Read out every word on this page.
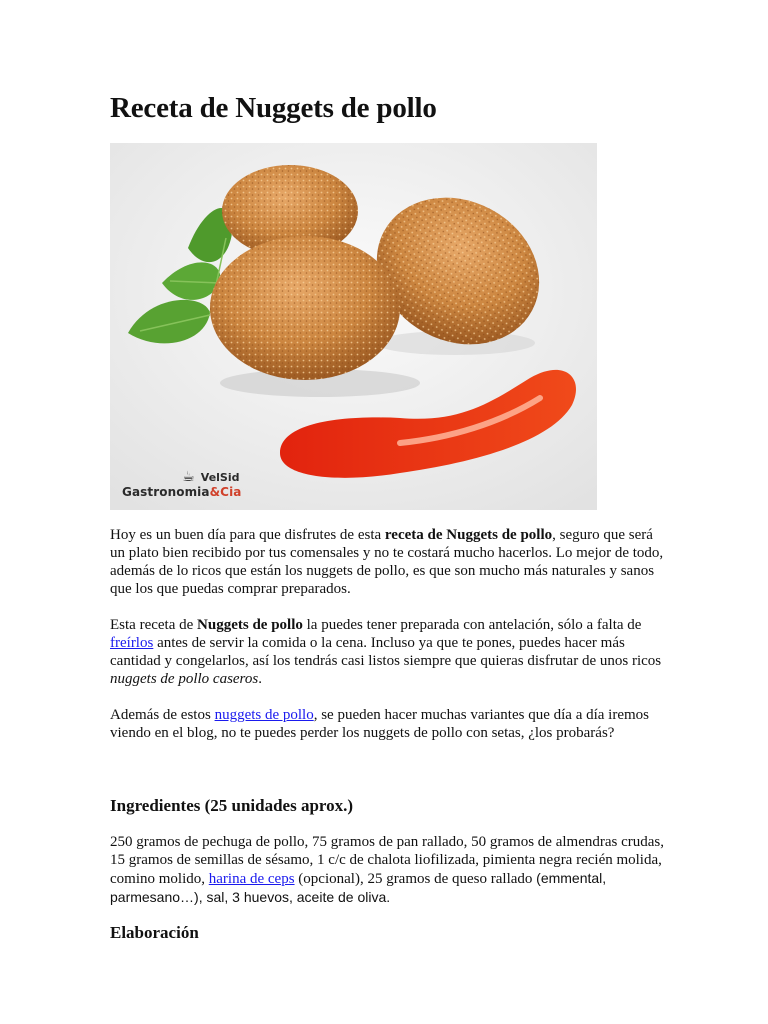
Receta de Nuggets de pollo
☕ VelSid
Gastronomia&Cia

Hoy es un buen día para que disfrutes de esta receta de Nuggets de pollo, seguro que será un plato bien recibido por tus comensales y no te costará mucho hacerlos. Lo mejor de todo, además de lo ricos que están los nuggets de pollo, es que son mucho más naturales y sanos que los que puedas comprar preparados.

Esta receta de Nuggets de pollo la puedes tener preparada con antelación, sólo a falta de freírlos antes de servir la comida o la cena. Incluso ya que te pones, puedes hacer más cantidad y congelarlos, así los tendrás casi listos siempre que quieras disfrutar de unos ricos nuggets de pollo caseros.

Además de estos nuggets de pollo, se pueden hacer muchas variantes que día a día iremos viendo en el blog, no te puedes perder los nuggets de pollo con setas, ¿los probarás?

Ingredientes (25 unidades aprox.)

250 gramos de pechuga de pollo, 75 gramos de pan rallado, 50 gramos de almendras crudas, 15 gramos de semillas de sésamo, 1 c/c de chalota liofilizada, pimienta negra recién molida, comino molido, harina de ceps (opcional), 25 gramos de queso rallado (emmental, parmesano…), sal, 3 huevos, aceite de oliva.

Elaboración
